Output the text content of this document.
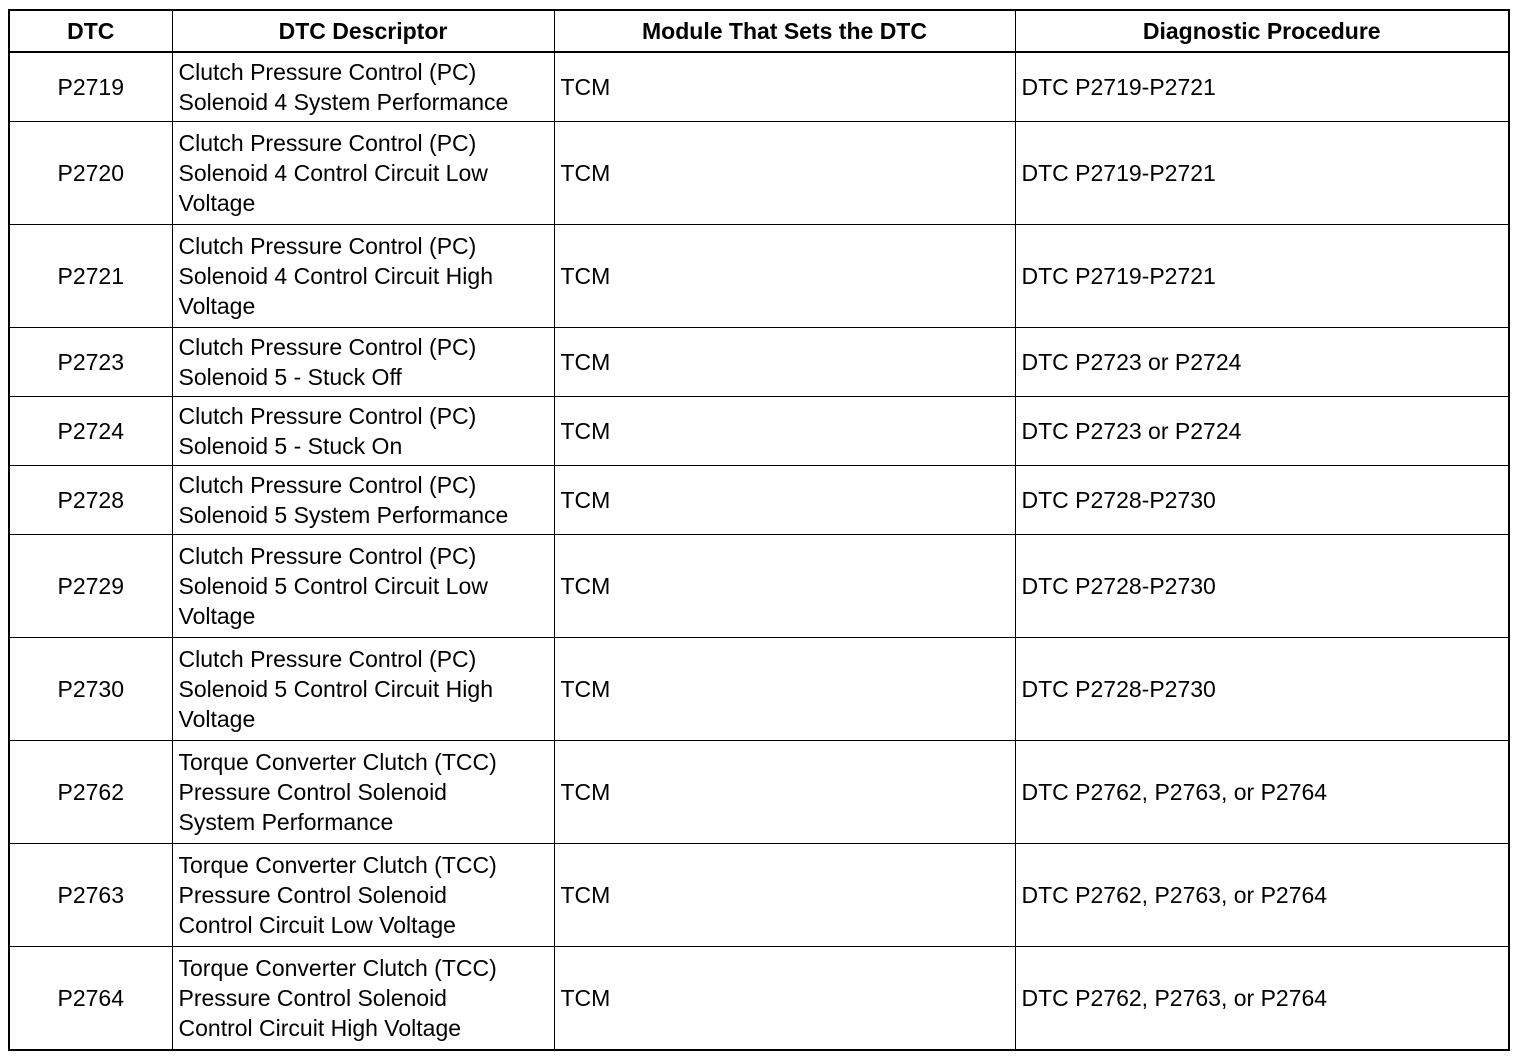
DTC	DTC Descriptor	Module That Sets the DTC	Diagnostic Procedure
P2719	Clutch Pressure Control (PC)
Solenoid 4 System Performance	TCM	DTC P2719-P2721
P2720	Clutch Pressure Control (PC)
Solenoid 4 Control Circuit Low
Voltage	TCM	DTC P2719-P2721
P2721	Clutch Pressure Control (PC)
Solenoid 4 Control Circuit High
Voltage	TCM	DTC P2719-P2721
P2723	Clutch Pressure Control (PC)
Solenoid 5 - Stuck Off	TCM	DTC P2723 or P2724
P2724	Clutch Pressure Control (PC)
Solenoid 5 - Stuck On	TCM	DTC P2723 or P2724
P2728	Clutch Pressure Control (PC)
Solenoid 5 System Performance	TCM	DTC P2728-P2730
P2729	Clutch Pressure Control (PC)
Solenoid 5 Control Circuit Low
Voltage	TCM	DTC P2728-P2730
P2730	Clutch Pressure Control (PC)
Solenoid 5 Control Circuit High
Voltage	TCM	DTC P2728-P2730
P2762	Torque Converter Clutch (TCC)
Pressure Control Solenoid
System Performance	TCM	DTC P2762, P2763, or P2764
P2763	Torque Converter Clutch (TCC)
Pressure Control Solenoid
Control Circuit Low Voltage	TCM	DTC P2762, P2763, or P2764
P2764	Torque Converter Clutch (TCC)
Pressure Control Solenoid
Control Circuit High Voltage	TCM	DTC P2762, P2763, or P2764
